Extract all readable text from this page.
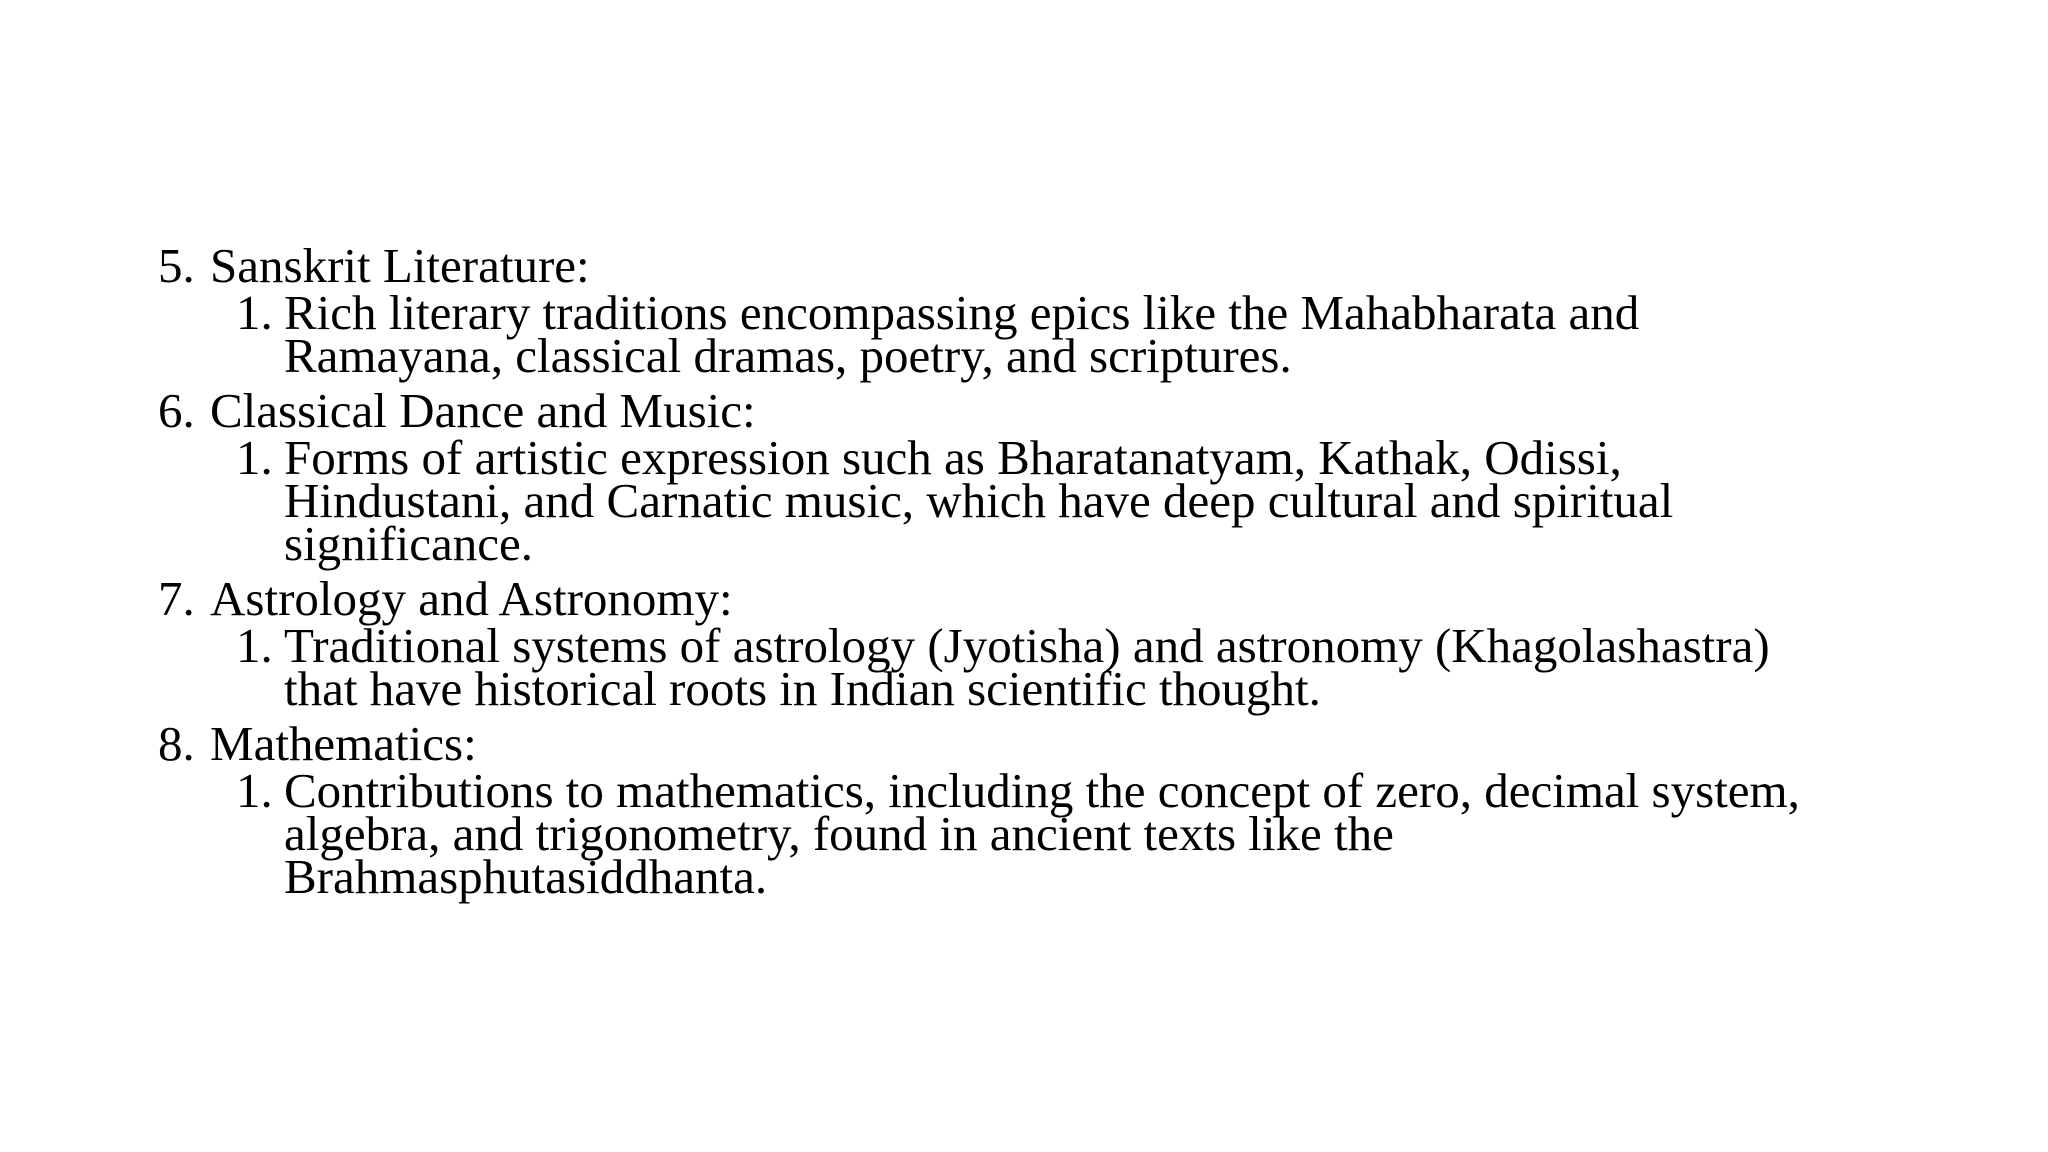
5. Sanskrit Literature:
1. Rich literary traditions encompassing epics like the Mahabharata and
Ramayana, classical dramas, poetry, and scriptures.
6. Classical Dance and Music:
1. Forms of artistic expression such as Bharatanatyam, Kathak, Odissi,
Hindustani, and Carnatic music, which have deep cultural and spiritual
significance.
7. Astrology and Astronomy:
1. Traditional systems of astrology (Jyotisha) and astronomy (Khagolashastra)
that have historical roots in Indian scientific thought.
8. Mathematics:
1. Contributions to mathematics, including the concept of zero, decimal system,
algebra, and trigonometry, found in ancient texts like the
Brahmasphutasiddhanta.
